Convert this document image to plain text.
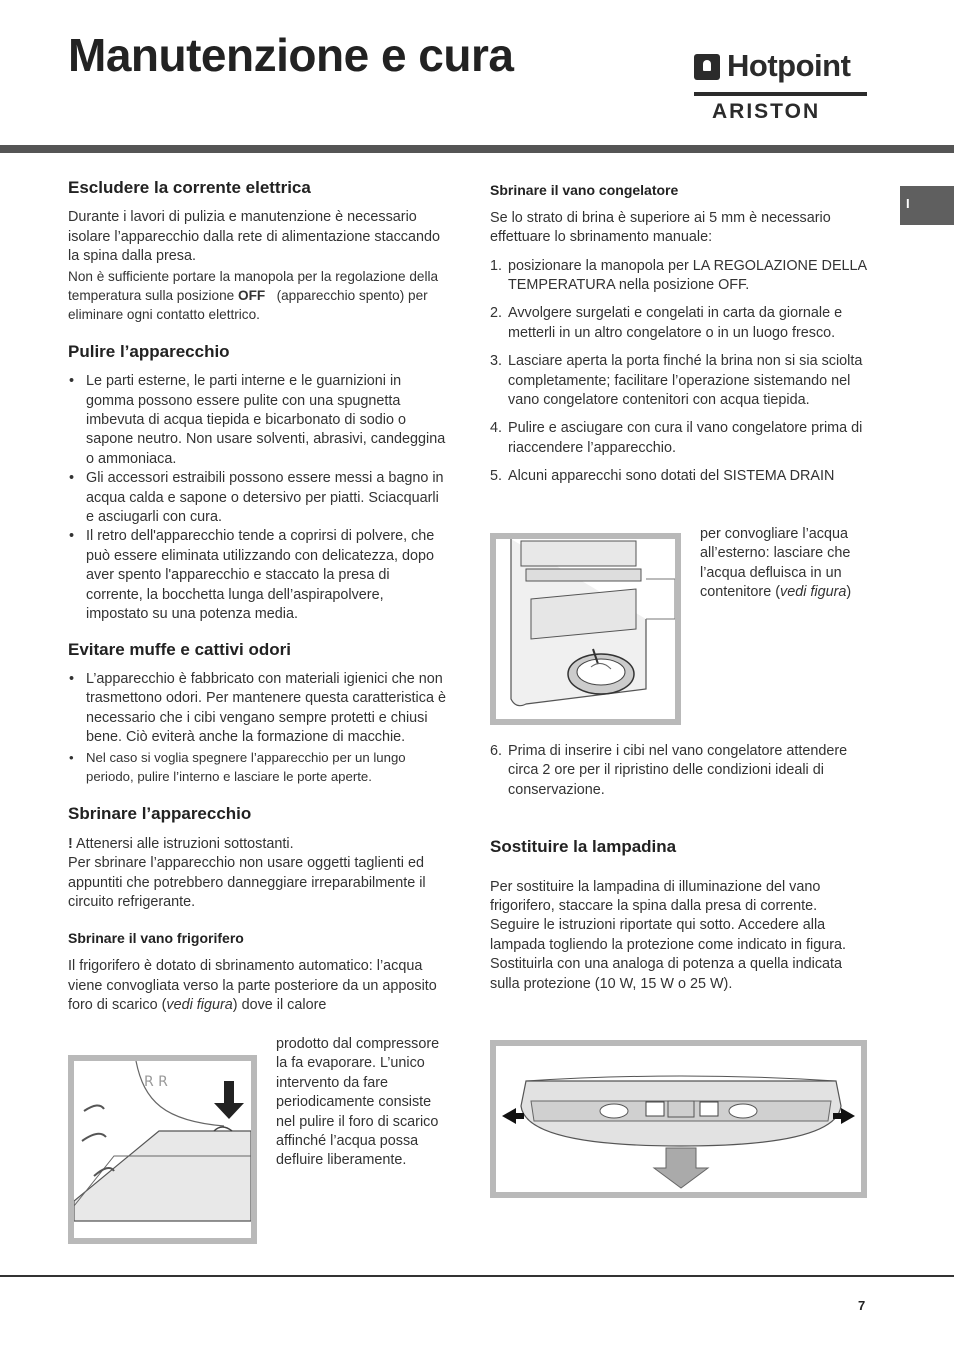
Manutenzione e cura	Hotpoint
ARISTON
I
Escludere la corrente elettrica

Durante i lavori di pulizia e manutenzione è necessario isolare l’apparecchio dalla rete di alimentazione staccando la spina dalla presa.

Non è sufficiente portare la manopola per la regolazione della temperatura sulla posizione OFF (apparecchio spento) per eliminare ogni contatto elettrico.

Pulire l’apparecchio
• Le parti esterne, le parti interne e le guarnizioni in gomma possono essere pulite con una spugnetta imbevuta di acqua tiepida e bicarbonato di sodio o sapone neutro. Non usare solventi, abrasivi, candeggina o ammoniaca.
• Gli accessori estraibili possono essere messi a bagno in acqua calda e sapone o detersivo per piatti. Sciacquarli e asciugarli con cura.
• Il retro dell'apparecchio tende a coprirsi di polvere, che può essere eliminata utilizzando con delicatezza, dopo aver spento l'apparecchio e staccato la presa di corrente, la bocchetta lunga dell’aspirapolvere, impostato su una potenza media.
Evitare muffe e cattivi odori
• L’apparecchio è fabbricato con materiali igienici che non trasmettono odori. Per mantenere questa caratteristica è necessario che i cibi vengano sempre protetti e chiusi bene. Ciò eviterà anche la formazione di macchie.
• Nel caso si voglia spegnere l’apparecchio per un lungo periodo, pulire l’interno e lasciare le porte aperte.
Sbrinare l’apparecchio

! Attenersi alle istruzioni sottostanti.

Per sbrinare l’apparecchio non usare oggetti taglienti ed appuntiti che potrebbero danneggiare irreparabilmente il circuito refrigerante.

Sbrinare il vano frigorifero

Il frigorifero è dotato di sbrinamento automatico: l’acqua viene convogliata verso la parte posteriore da un apposito foro di scarico (vedi figura) dove il calore

prodotto dal compressore la fa evaporare. L’unico intervento da fare periodicamente consiste nel pulire il foro di scarico affinché l’acqua possa defluire liberamente.

R R
Sbrinare il vano congelatore

Se lo strato di brina è superiore ai 5 mm è necessario effettuare lo sbrinamento manuale:

1. posizionare la manopola per LA REGOLAZIONE DELLA TEMPERATURA nella posizione OFF.
2. Avvolgere surgelati e congelati in carta da giornale e metterli in un altro congelatore o in un luogo fresco.
3. Lasciare aperta la porta finché la brina non si sia sciolta completamente; facilitare l’operazione sistemando nel vano congelatore contenitori con acqua tiepida.
4. Pulire e asciugare con cura il vano congelatore prima di riaccendere l’apparecchio.
5. Alcuni apparecchi sono dotati del SISTEMA DRAIN

per convogliare l’acqua all’esterno: lasciare che l’acqua defluisca in un contenitore (vedi figura)

6. Prima di inserire i cibi nel vano congelatore attendere circa 2 ore per il ripristino delle condizioni ideali di conservazione.
Sostituire la lampadina

Per sostituire la lampadina di illuminazione del vano frigorifero, staccare la spina dalla presa di corrente. Seguire le istruzioni riportate qui sotto. Accedere alla lampada togliendo la protezione come indicato in figura. Sostituirla con una analoga di potenza a quella indicata sulla protezione (10 W, 15 W o 25 W).

7
